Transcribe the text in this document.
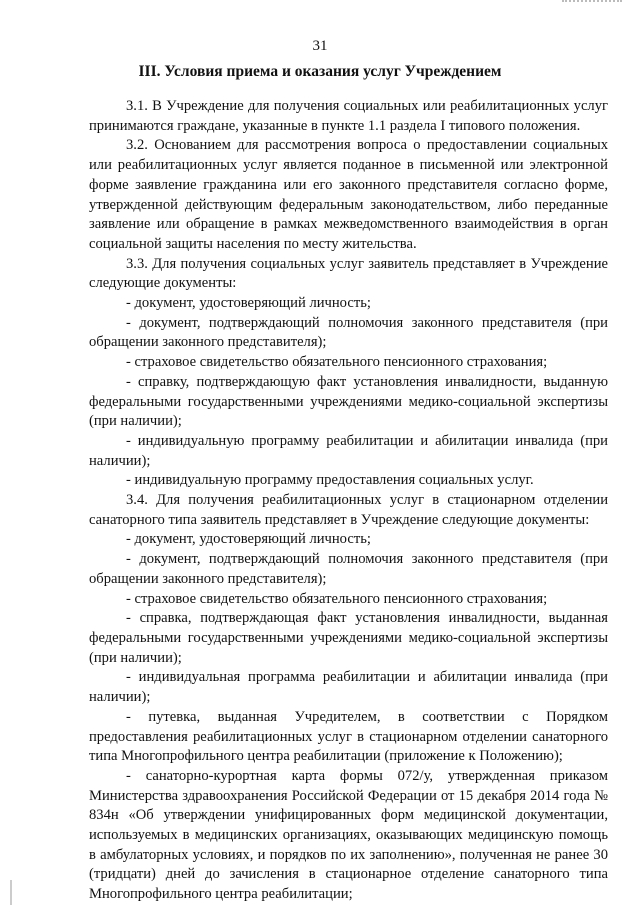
31
III. Условия приема и оказания услуг Учреждением

3.1. В Учреждение для получения социальных или реабилитационных услуг принимаются граждане, указанные в пункте 1.1 раздела I типового положения.

3.2. Основанием для рассмотрения вопроса о предоставлении социальных или реабилитационных услуг является поданное в письменной или электронной форме заявление гражданина или его законного представителя согласно форме, утвержденной действующим федеральным законодательством, либо переданные заявление или обращение в рамках межведомственного взаимодействия в орган социальной защиты населения по месту жительства.

3.3. Для получения социальных услуг заявитель представляет в Учреждение следующие документы:

- документ, удостоверяющий личность;

- документ, подтверждающий полномочия законного представителя (при обращении законного представителя);

- страховое свидетельство обязательного пенсионного страхования;

- справку, подтверждающую факт установления инвалидности, выданную федеральными государственными учреждениями медико-социальной экспертизы (при наличии);

- индивидуальную программу реабилитации и абилитации инвалида (при наличии);

- индивидуальную программу предоставления социальных услуг.

3.4. Для получения реабилитационных услуг в стационарном отделении санаторного типа заявитель представляет в Учреждение следующие документы:

- документ, удостоверяющий личность;

- документ, подтверждающий полномочия законного представителя (при обращении законного представителя);

- страховое свидетельство обязательного пенсионного страхования;

- справка, подтверждающая факт установления инвалидности, выданная федеральными государственными учреждениями медико-социальной экспертизы (при наличии);

- индивидуальная программа реабилитации и абилитации инвалида (при наличии);

- путевка, выданная Учредителем, в соответствии с Порядком предоставления реабилитационных услуг в стационарном отделении санаторного типа Многопрофильного центра реабилитации (приложение к Положению);

- санаторно-курортная карта формы 072/у, утвержденная приказом Министерства здравоохранения Российской Федерации от 15 декабря 2014 года № 834н «Об утверждении унифицированных форм медицинской документации, используемых в медицинских организациях, оказывающих медицинскую помощь в амбулаторных условиях, и порядков по их заполнению», полученная не ранее 30 (тридцати) дней до зачисления в стационарное отделение санаторного типа Многопрофильного центра реабилитации;
